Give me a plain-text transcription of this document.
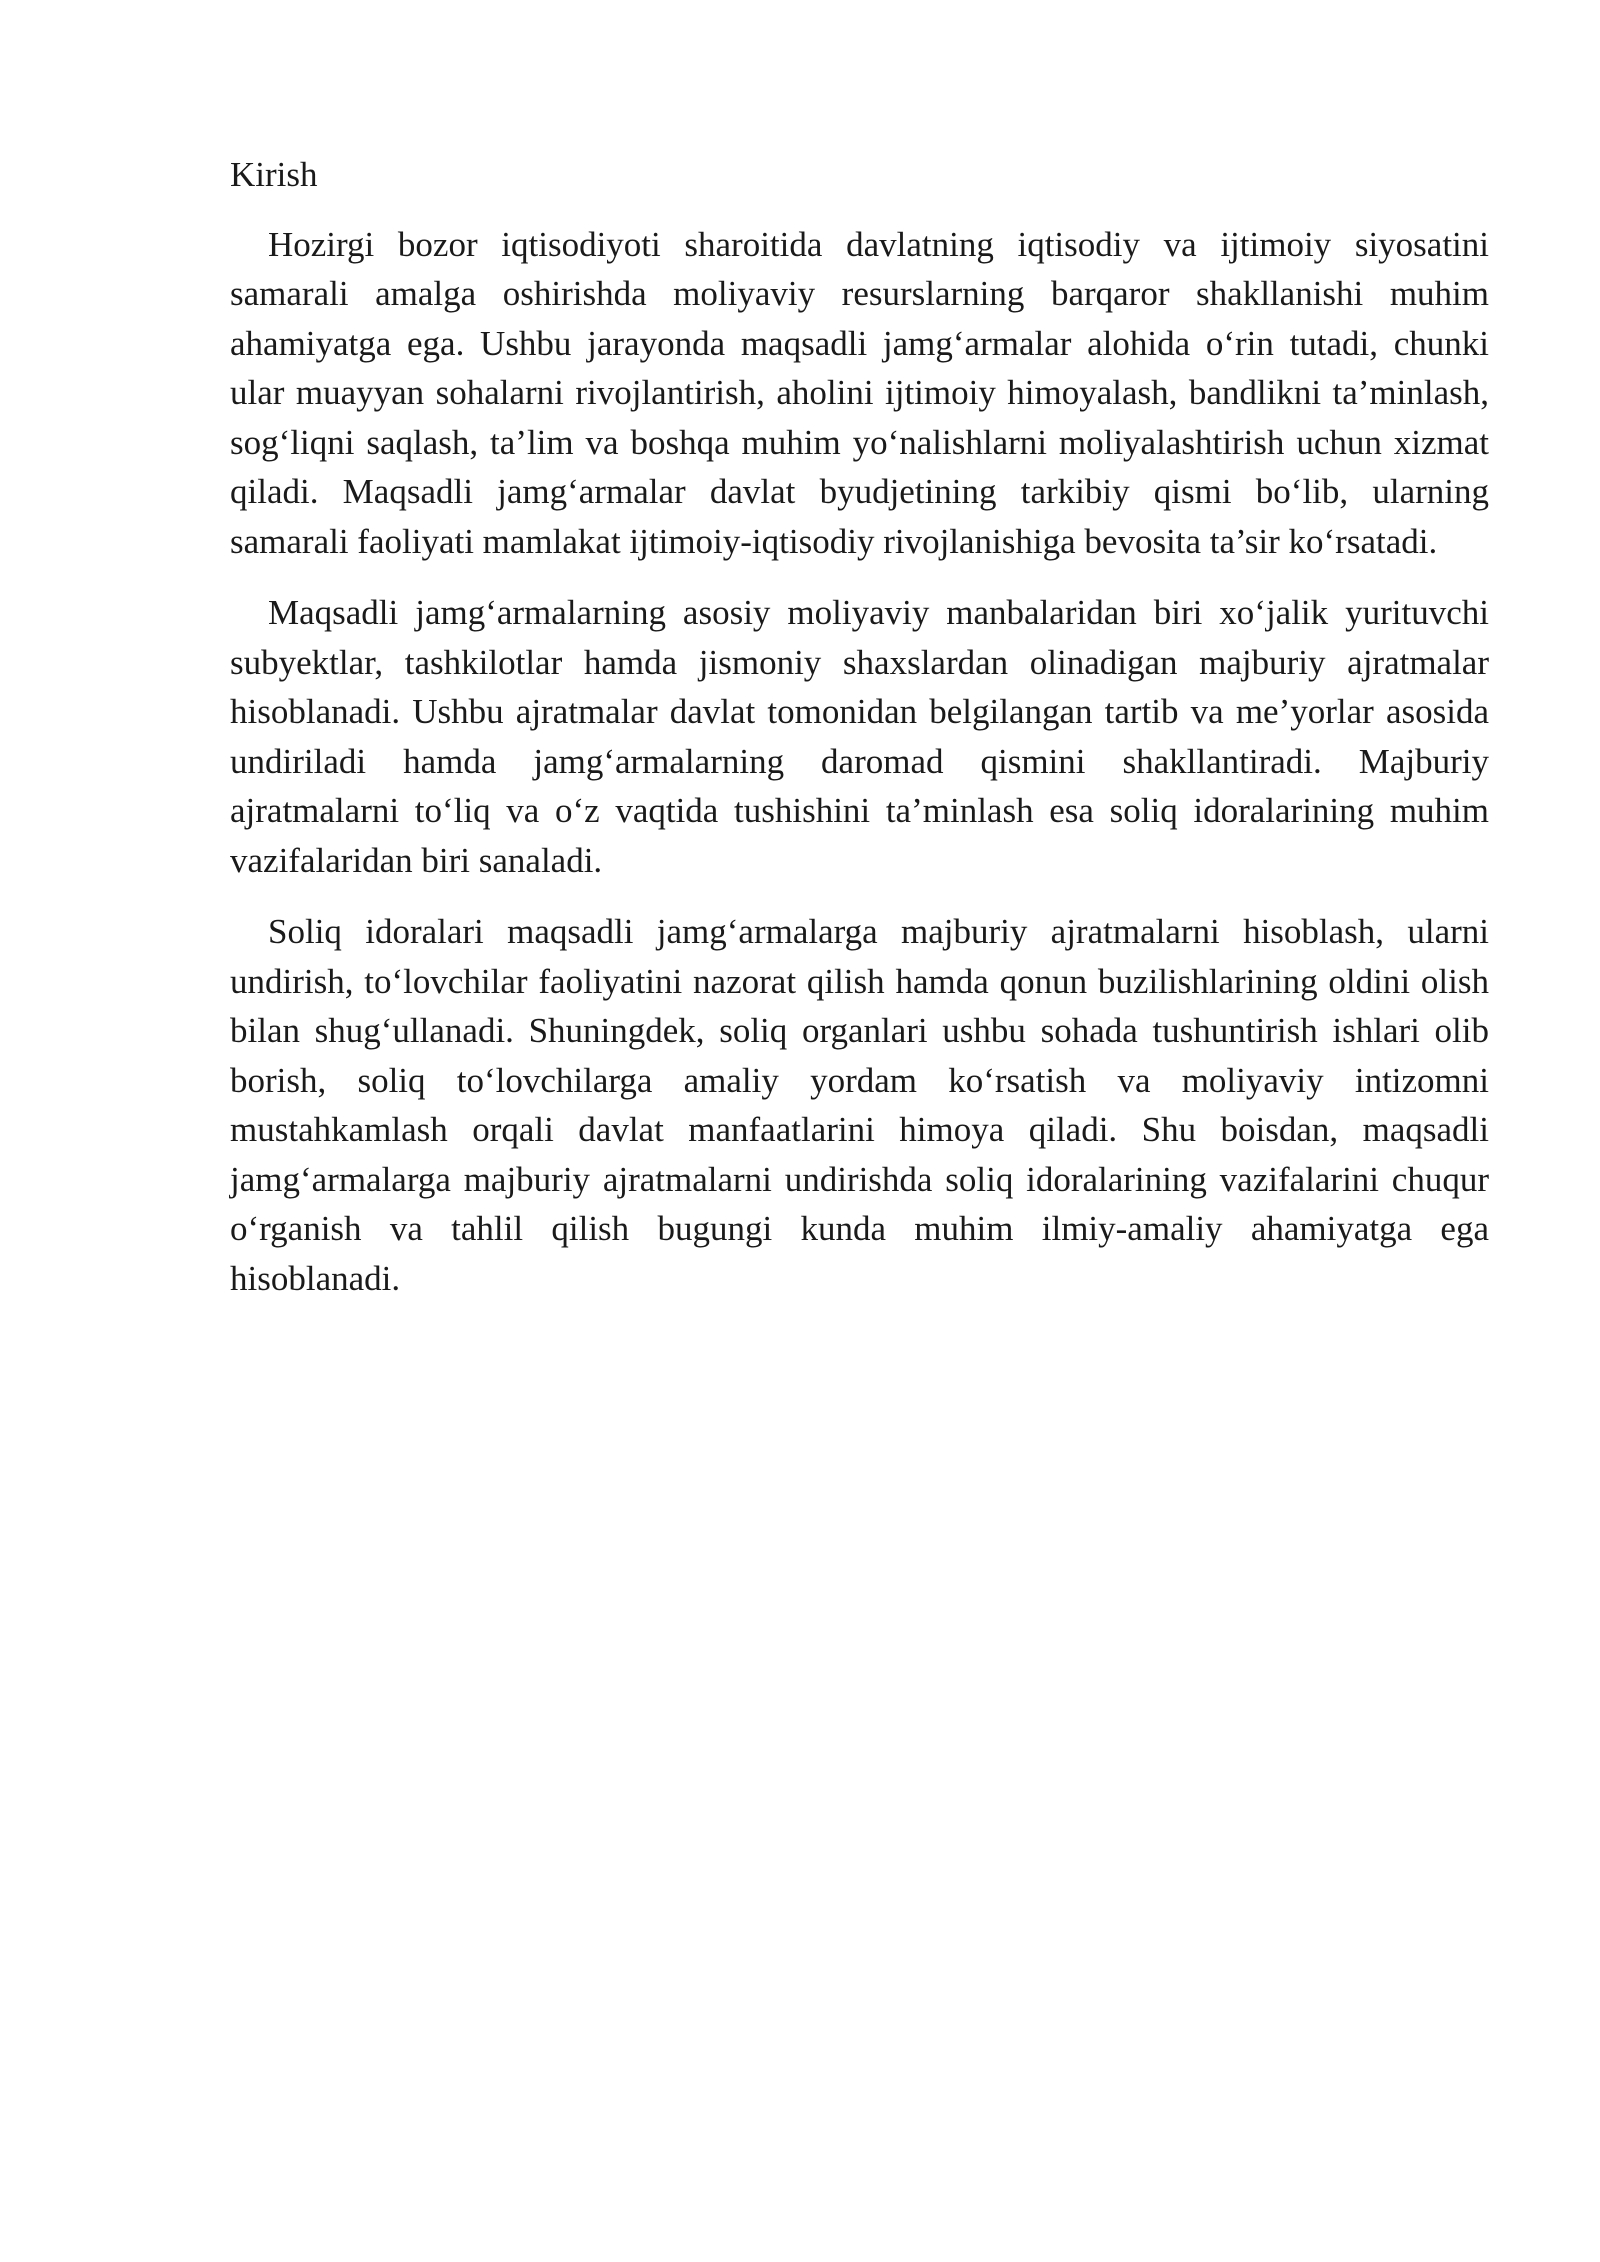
Kirish

Hozirgi bozor iqtisodiyoti sharoitida davlatning iqtisodiy va ijtimoiy siyosatini samarali amalga oshirishda moliyaviy resurslarning barqaror shakllanishi muhim ahamiyatga ega. Ushbu jarayonda maqsadli jamg‘armalar alohida o‘rin tutadi, chunki ular muayyan sohalarni rivojlantirish, aholini ijtimoiy himoyalash, bandlikni ta’minlash, sog‘liqni saqlash, ta’lim va boshqa muhim yo‘nalishlarni moliyalashtirish uchun xizmat qiladi. Maqsadli jamg‘armalar davlat byudjetining tarkibiy qismi bo‘lib, ularning samarali faoliyati mamlakat ijtimoiy-iqtisodiy rivojlanishiga bevosita ta’sir ko‘rsatadi.

Maqsadli jamg‘armalarning asosiy moliyaviy manbalaridan biri xo‘jalik yurituvchi subyektlar, tashkilotlar hamda jismoniy shaxslardan olinadigan majburiy ajratmalar hisoblanadi. Ushbu ajratmalar davlat tomonidan belgilangan tartib va me’yorlar asosida undiriladi hamda jamg‘armalarning daromad qismini shakllantiradi. Majburiy ajratmalarni to‘liq va o‘z vaqtida tushishini ta’minlash esa soliq idoralarining muhim vazifalaridan biri sanaladi.

Soliq idoralari maqsadli jamg‘armalarga majburiy ajratmalarni hisoblash, ularni undirish, to‘lovchilar faoliyatini nazorat qilish hamda qonun buzilishlarining oldini olish bilan shug‘ullanadi. Shuningdek, soliq organlari ushbu sohada tushuntirish ishlari olib borish, soliq to‘lovchilarga amaliy yordam ko‘rsatish va moliyaviy intizomni mustahkamlash orqali davlat manfaatlarini himoya qiladi. Shu boisdan, maqsadli jamg‘armalarga majburiy ajratmalarni undirishda soliq idoralarining vazifalarini chuqur o‘rganish va tahlil qilish bugungi kunda muhim ilmiy-amaliy ahamiyatga ega hisoblanadi.
